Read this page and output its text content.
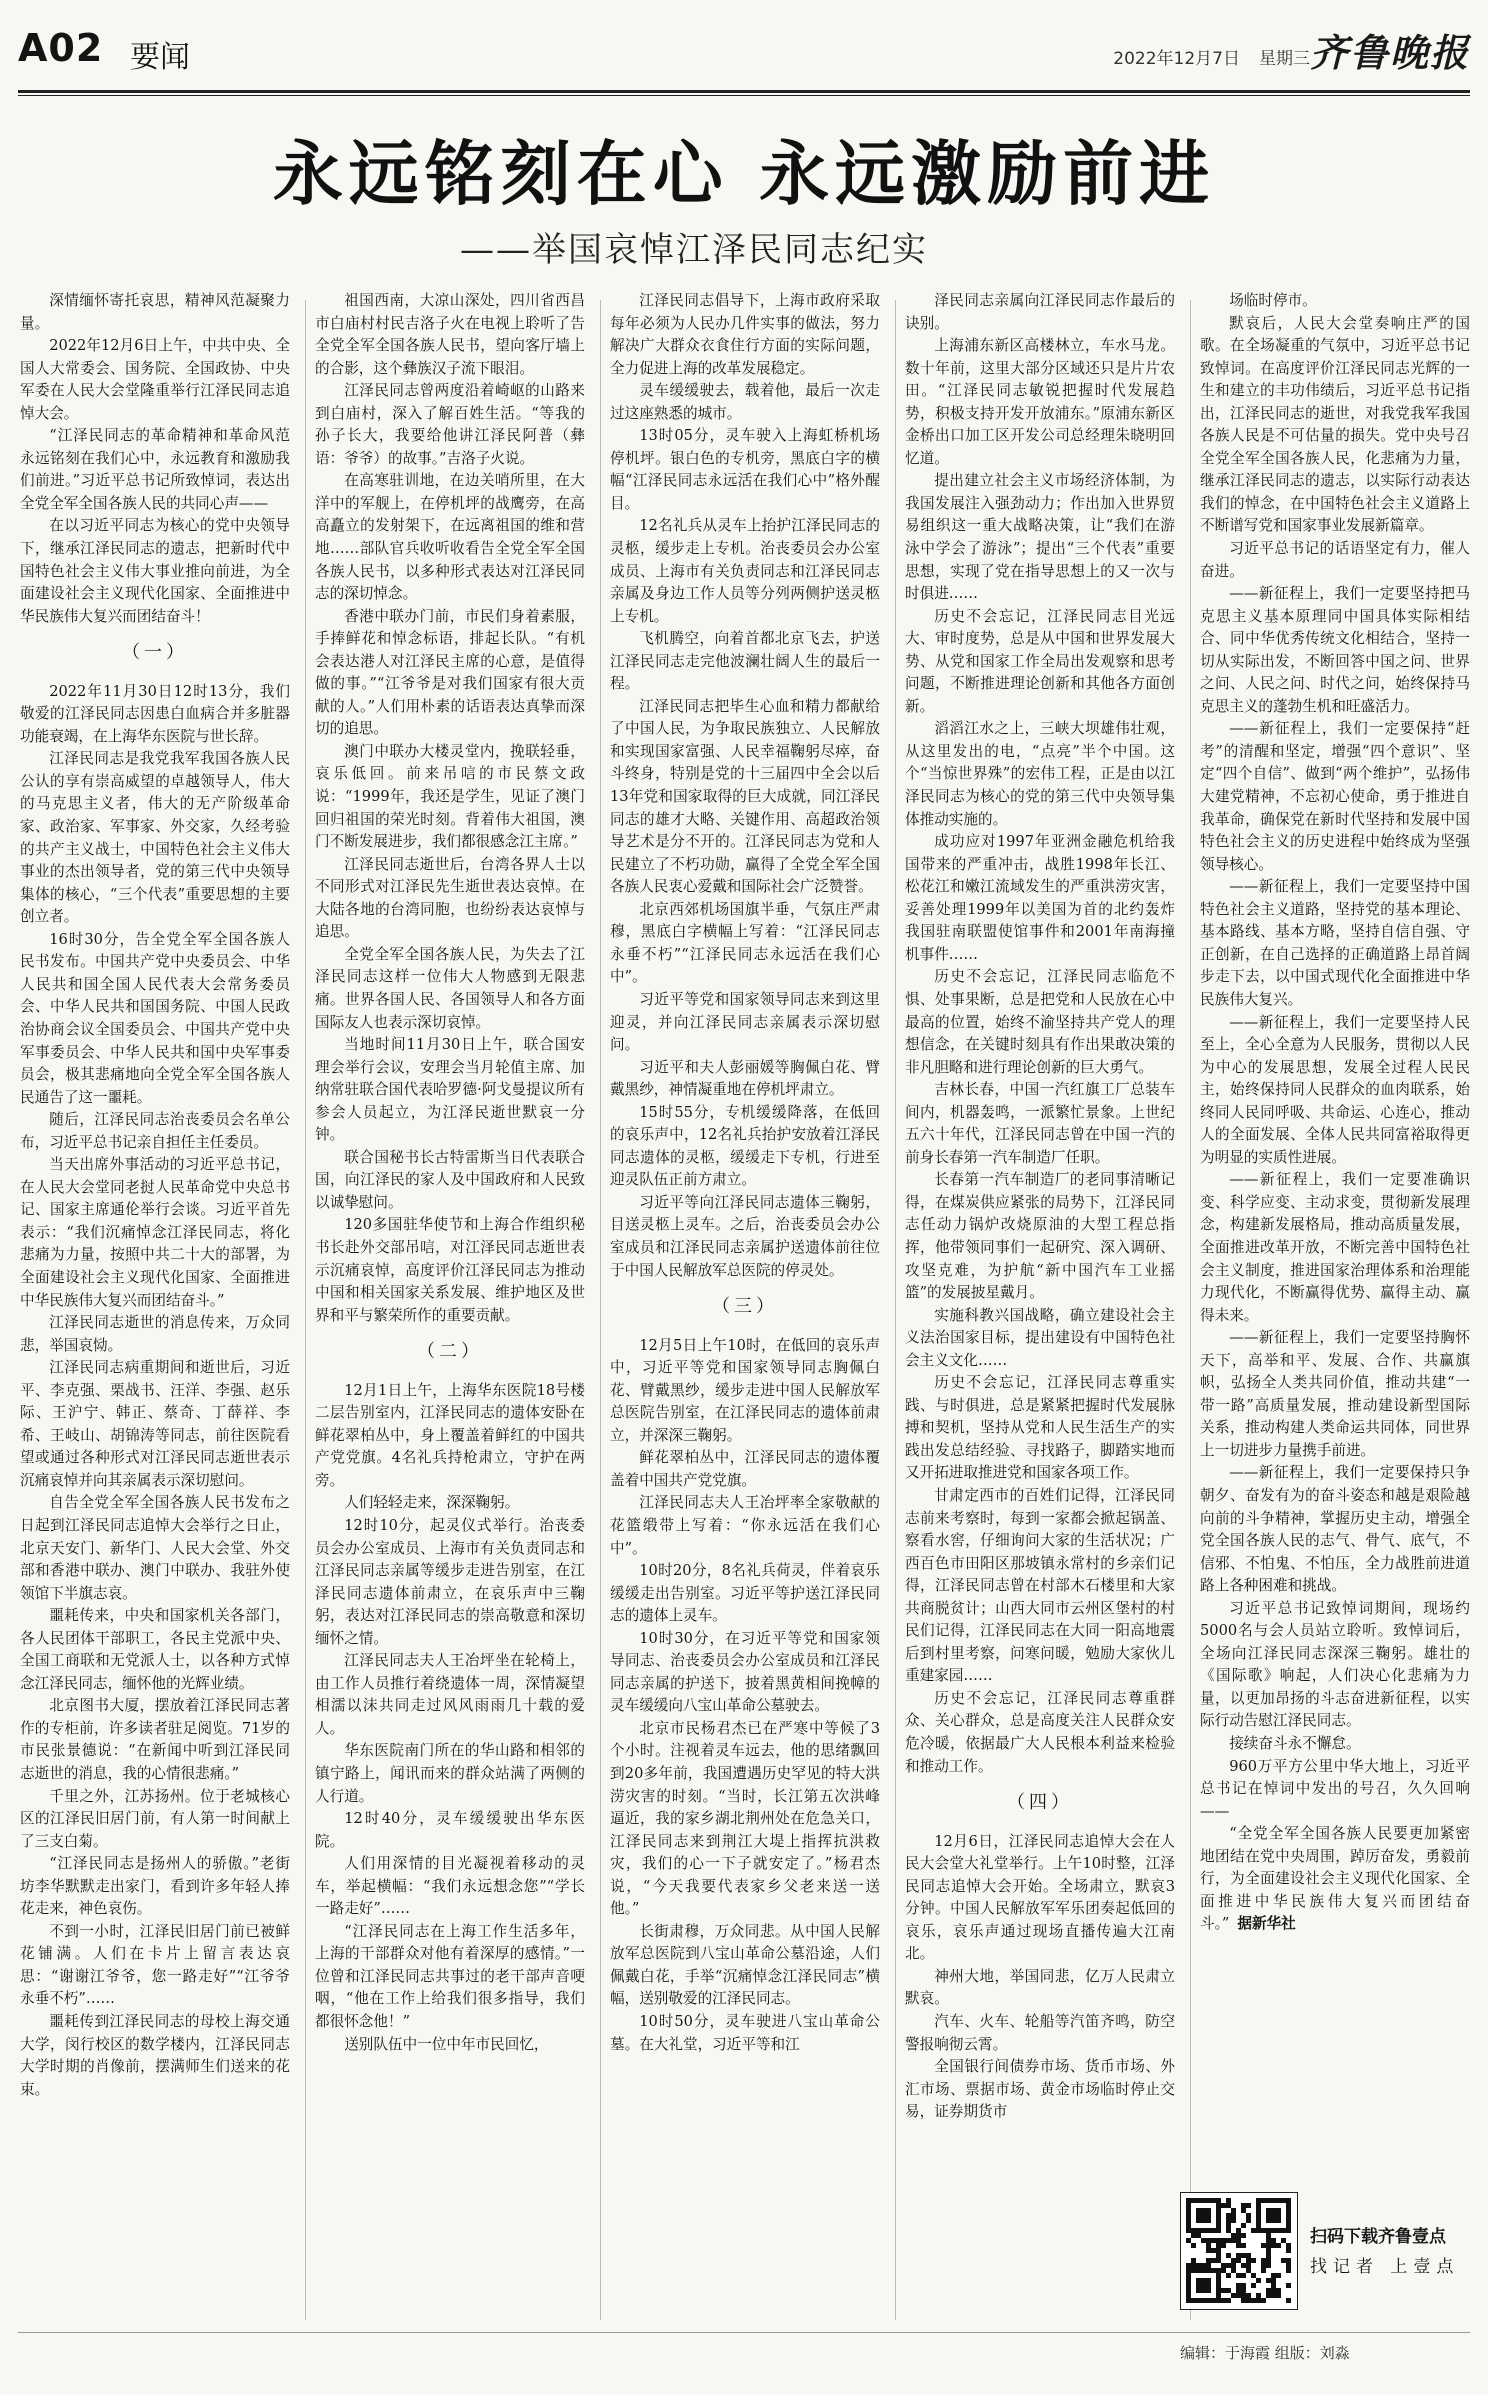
A02 要闻	2022年12月7日 星期三 齐鲁晚报
永远铭刻在心 永远激励前进
——举国哀悼江泽民同志纪实

深情缅怀寄托哀思，精神风范凝聚力量。

2022年12月6日上午，中共中央、全国人大常委会、国务院、全国政协、中央军委在人民大会堂隆重举行江泽民同志追悼大会。

“江泽民同志的革命精神和革命风范永远铭刻在我们心中，永远教育和激励我们前进。”习近平总书记所致悼词，表达出全党全军全国各族人民的共同心声——

在以习近平同志为核心的党中央领导下，继承江泽民同志的遗志，把新时代中国特色社会主义伟大事业推向前进，为全面建设社会主义现代化国家、全面推进中华民族伟大复兴而团结奋斗！

（一）

2022年11月30日12时13分，我们敬爱的江泽民同志因患白血病合并多脏器功能衰竭，在上海华东医院与世长辞。

江泽民同志是我党我军我国各族人民公认的享有崇高威望的卓越领导人，伟大的马克思主义者，伟大的无产阶级革命家、政治家、军事家、外交家，久经考验的共产主义战士，中国特色社会主义伟大事业的杰出领导者，党的第三代中央领导集体的核心，“三个代表”重要思想的主要创立者。

16时30分，告全党全军全国各族人民书发布。中国共产党中央委员会、中华人民共和国全国人民代表大会常务委员会、中华人民共和国国务院、中国人民政治协商会议全国委员会、中国共产党中央军事委员会、中华人民共和国中央军事委员会，极其悲痛地向全党全军全国各族人民通告了这一噩耗。

随后，江泽民同志治丧委员会名单公布，习近平总书记亲自担任主任委员。

当天出席外事活动的习近平总书记，在人民大会堂同老挝人民革命党中央总书记、国家主席通伦举行会谈。习近平首先表示：“我们沉痛悼念江泽民同志，将化悲痛为力量，按照中共二十大的部署，为全面建设社会主义现代化国家、全面推进中华民族伟大复兴而团结奋斗。”

江泽民同志逝世的消息传来，万众同悲，举国哀恸。

江泽民同志病重期间和逝世后，习近平、李克强、栗战书、汪洋、李强、赵乐际、王沪宁、韩正、蔡奇、丁薛祥、李希、王岐山、胡锦涛等同志，前往医院看望或通过各种形式对江泽民同志逝世表示沉痛哀悼并向其亲属表示深切慰问。

自告全党全军全国各族人民书发布之日起到江泽民同志追悼大会举行之日止，北京天安门、新华门、人民大会堂、外交部和香港中联办、澳门中联办、我驻外使领馆下半旗志哀。

噩耗传来，中央和国家机关各部门，各人民团体干部职工，各民主党派中央、全国工商联和无党派人士，以各种方式悼念江泽民同志，缅怀他的光辉业绩。

北京图书大厦，摆放着江泽民同志著作的专柜前，许多读者驻足阅览。71岁的市民张景德说：“在新闻中听到江泽民同志逝世的消息，我的心情很悲痛。”

千里之外，江苏扬州。位于老城核心区的江泽民旧居门前，有人第一时间献上了三支白菊。

“江泽民同志是扬州人的骄傲。”老街坊李华默默走出家门，看到许多年轻人捧花走来，神色哀伤。

不到一小时，江泽民旧居门前已被鲜花铺满。人们在卡片上留言表达哀思：“谢谢江爷爷，您一路走好”“江爷爷永垂不朽”……

噩耗传到江泽民同志的母校上海交通大学，闵行校区的数学楼内，江泽民同志大学时期的肖像前，摆满师生们送来的花束。

祖国西南，大凉山深处，四川省西昌市白庙村村民吉洛子火在电视上聆听了告全党全军全国各族人民书，望向客厅墙上的合影，这个彝族汉子流下眼泪。

江泽民同志曾两度沿着崎岖的山路来到白庙村，深入了解百姓生活。“等我的孙子长大，我要给他讲江泽民阿普（彝语：爷爷）的故事。”吉洛子火说。

在高寒驻训地，在边关哨所里，在大洋中的军舰上，在停机坪的战鹰旁，在高高矗立的发射架下，在远离祖国的维和营地……部队官兵收听收看告全党全军全国各族人民书，以多种形式表达对江泽民同志的深切悼念。

香港中联办门前，市民们身着素服，手捧鲜花和悼念标语，排起长队。“有机会表达港人对江泽民主席的心意，是值得做的事。”“江爷爷是对我们国家有很大贡献的人。”人们用朴素的话语表达真挚而深切的追思。

澳门中联办大楼灵堂内，挽联轻垂，哀乐低回。前来吊唁的市民蔡文政说：“1999年，我还是学生，见证了澳门回归祖国的荣光时刻。背着伟大祖国，澳门不断发展进步，我们都很感念江主席。”

江泽民同志逝世后，台湾各界人士以不同形式对江泽民先生逝世表达哀悼。在大陆各地的台湾同胞，也纷纷表达哀悼与追思。

全党全军全国各族人民，为失去了江泽民同志这样一位伟大人物感到无限悲痛。世界各国人民、各国领导人和各方面国际友人也表示深切哀悼。

当地时间11月30日上午，联合国安理会举行会议，安理会当月轮值主席、加纳常驻联合国代表哈罗德·阿戈曼提议所有参会人员起立，为江泽民逝世默哀一分钟。

联合国秘书长古特雷斯当日代表联合国，向江泽民的家人及中国政府和人民致以诚挚慰问。

120多国驻华使节和上海合作组织秘书长赴外交部吊唁，对江泽民同志逝世表示沉痛哀悼，高度评价江泽民同志为推动中国和相关国家关系发展、维护地区及世界和平与繁荣所作的重要贡献。

（二）

12月1日上午，上海华东医院18号楼二层告别室内，江泽民同志的遗体安卧在鲜花翠柏丛中，身上覆盖着鲜红的中国共产党党旗。4名礼兵持枪肃立，守护在两旁。

人们轻轻走来，深深鞠躬。

12时10分，起灵仪式举行。治丧委员会办公室成员、上海市有关负责同志和江泽民同志亲属等缓步走进告别室，在江泽民同志遗体前肃立，在哀乐声中三鞠躬，表达对江泽民同志的崇高敬意和深切缅怀之情。

江泽民同志夫人王冶坪坐在轮椅上，由工作人员推行着绕遗体一周，深情凝望相濡以沫共同走过风风雨雨几十载的爱人。

华东医院南门所在的华山路和相邻的镇宁路上，闻讯而来的群众站满了两侧的人行道。

12时40分，灵车缓缓驶出华东医院。

人们用深情的目光凝视着移动的灵车，举起横幅：“我们永远想念您”“学长一路走好”……

“江泽民同志在上海工作生活多年，上海的干部群众对他有着深厚的感情。”一位曾和江泽民同志共事过的老干部声音哽咽，“他在工作上给我们很多指导，我们都很怀念他！”

送别队伍中一位中年市民回忆，

江泽民同志倡导下，上海市政府采取每年必须为人民办几件实事的做法，努力解决广大群众衣食住行方面的实际问题，全力促进上海的改革发展稳定。

灵车缓缓驶去，载着他，最后一次走过这座熟悉的城市。

13时05分，灵车驶入上海虹桥机场停机坪。银白色的专机旁，黑底白字的横幅“江泽民同志永远活在我们心中”格外醒目。

12名礼兵从灵车上抬护江泽民同志的灵柩，缓步走上专机。治丧委员会办公室成员、上海市有关负责同志和江泽民同志亲属及身边工作人员等分列两侧护送灵柩上专机。

飞机腾空，向着首都北京飞去，护送江泽民同志走完他波澜壮阔人生的最后一程。

江泽民同志把毕生心血和精力都献给了中国人民，为争取民族独立、人民解放和实现国家富强、人民幸福鞠躬尽瘁，奋斗终身，特别是党的十三届四中全会以后13年党和国家取得的巨大成就，同江泽民同志的雄才大略、关键作用、高超政治领导艺术是分不开的。江泽民同志为党和人民建立了不朽功勋，赢得了全党全军全国各族人民衷心爱戴和国际社会广泛赞誉。

北京西郊机场国旗半垂，气氛庄严肃穆，黑底白字横幅上写着：“江泽民同志永垂不朽”“江泽民同志永远活在我们心中”。

习近平等党和国家领导同志来到这里迎灵，并向江泽民同志亲属表示深切慰问。

习近平和夫人彭丽媛等胸佩白花、臂戴黑纱，神情凝重地在停机坪肃立。

15时55分，专机缓缓降落，在低回的哀乐声中，12名礼兵抬护安放着江泽民同志遗体的灵柩，缓缓走下专机，行进至迎灵队伍正前方肃立。

习近平等向江泽民同志遗体三鞠躬，目送灵柩上灵车。之后，治丧委员会办公室成员和江泽民同志亲属护送遗体前往位于中国人民解放军总医院的停灵处。

（三）

12月5日上午10时，在低回的哀乐声中，习近平等党和国家领导同志胸佩白花、臂戴黑纱，缓步走进中国人民解放军总医院告别室，在江泽民同志的遗体前肃立，并深深三鞠躬。

鲜花翠柏丛中，江泽民同志的遗体覆盖着中国共产党党旗。

江泽民同志夫人王冶坪率全家敬献的花篮缎带上写着：“你永远活在我们心中”。

10时20分，8名礼兵荷灵，伴着哀乐缓缓走出告别室。习近平等护送江泽民同志的遗体上灵车。

10时30分，在习近平等党和国家领导同志、治丧委员会办公室成员和江泽民同志亲属的护送下，披着黑黄相间挽幛的灵车缓缓向八宝山革命公墓驶去。

北京市民杨君杰已在严寒中等候了3个小时。注视着灵车远去，他的思绪飘回到20多年前，我国遭遇历史罕见的特大洪涝灾害的时刻。“当时，长江第五次洪峰逼近，我的家乡湖北荆州处在危急关口，江泽民同志来到荆江大堤上指挥抗洪救灾，我们的心一下子就安定了。”杨君杰说，“今天我要代表家乡父老来送一送他。”

长街肃穆，万众同悲。从中国人民解放军总医院到八宝山革命公墓沿途，人们佩戴白花，手举“沉痛悼念江泽民同志”横幅，送别敬爱的江泽民同志。

10时50分，灵车驶进八宝山革命公墓。在大礼堂，习近平等和江

泽民同志亲属向江泽民同志作最后的诀别。

上海浦东新区高楼林立，车水马龙。数十年前，这里大部分区域还只是片片农田。“江泽民同志敏锐把握时代发展趋势，积极支持开发开放浦东。”原浦东新区金桥出口加工区开发公司总经理朱晓明回忆道。

提出建立社会主义市场经济体制，为我国发展注入强劲动力；作出加入世界贸易组织这一重大战略决策，让“我们在游泳中学会了游泳”；提出“三个代表”重要思想，实现了党在指导思想上的又一次与时俱进……

历史不会忘记，江泽民同志目光远大、审时度势，总是从中国和世界发展大势、从党和国家工作全局出发观察和思考问题，不断推进理论创新和其他各方面创新。

滔滔江水之上，三峡大坝雄伟壮观，从这里发出的电，“点亮”半个中国。这个“当惊世界殊”的宏伟工程，正是由以江泽民同志为核心的党的第三代中央领导集体推动实施的。

成功应对1997年亚洲金融危机给我国带来的严重冲击，战胜1998年长江、松花江和嫩江流域发生的严重洪涝灾害，妥善处理1999年以美国为首的北约轰炸我国驻南联盟使馆事件和2001年南海撞机事件……

历史不会忘记，江泽民同志临危不惧、处事果断，总是把党和人民放在心中最高的位置，始终不渝坚持共产党人的理想信念，在关键时刻具有作出果敢决策的非凡胆略和进行理论创新的巨大勇气。

吉林长春，中国一汽红旗工厂总装车间内，机器轰鸣，一派繁忙景象。上世纪五六十年代，江泽民同志曾在中国一汽的前身长春第一汽车制造厂任职。

长春第一汽车制造厂的老同事清晰记得，在煤炭供应紧张的局势下，江泽民同志任动力锅炉改烧原油的大型工程总指挥，他带领同事们一起研究、深入调研、攻坚克难，为护航“新中国汽车工业摇篮”的发展披星戴月。

实施科教兴国战略，确立建设社会主义法治国家目标，提出建设有中国特色社会主义文化……

历史不会忘记，江泽民同志尊重实践、与时俱进，总是紧紧把握时代发展脉搏和契机，坚持从党和人民生活生产的实践出发总结经验、寻找路子，脚踏实地而又开拓进取推进党和国家各项工作。

甘肃定西市的百姓们记得，江泽民同志前来考察时，每到一家都会掀起锅盖、察看水窖，仔细询问大家的生活状况；广西百色市田阳区那坡镇永常村的乡亲们记得，江泽民同志曾在村部木石楼里和大家共商脱贫计；山西大同市云州区堡村的村民们记得，江泽民同志在大同一阳高地震后到村里考察，问寒问暖，勉励大家伙儿重建家园……

历史不会忘记，江泽民同志尊重群众、关心群众，总是高度关注人民群众安危冷暖，依据最广大人民根本利益来检验和推动工作。

（四）

12月6日，江泽民同志追悼大会在人民大会堂大礼堂举行。上午10时整，江泽民同志追悼大会开始。全场肃立，默哀3分钟。中国人民解放军军乐团奏起低回的哀乐，哀乐声通过现场直播传遍大江南北。

神州大地，举国同悲，亿万人民肃立默哀。

汽车、火车、轮船等汽笛齐鸣，防空警报响彻云霄。

全国银行间债券市场、货币市场、外汇市场、票据市场、黄金市场临时停止交易，证券期货市

场临时停市。

默哀后，人民大会堂奏响庄严的国歌。在全场凝重的气氛中，习近平总书记致悼词。在高度评价江泽民同志光辉的一生和建立的丰功伟绩后，习近平总书记指出，江泽民同志的逝世，对我党我军我国各族人民是不可估量的损失。党中央号召全党全军全国各族人民，化悲痛为力量，继承江泽民同志的遗志，以实际行动表达我们的悼念，在中国特色社会主义道路上不断谱写党和国家事业发展新篇章。

习近平总书记的话语坚定有力，催人奋进。

——新征程上，我们一定要坚持把马克思主义基本原理同中国具体实际相结合、同中华优秀传统文化相结合，坚持一切从实际出发，不断回答中国之问、世界之问、人民之问、时代之问，始终保持马克思主义的蓬勃生机和旺盛活力。

——新征程上，我们一定要保持“赶考”的清醒和坚定，增强“四个意识”、坚定“四个自信”、做到“两个维护”，弘扬伟大建党精神，不忘初心使命，勇于推进自我革命，确保党在新时代坚持和发展中国特色社会主义的历史进程中始终成为坚强领导核心。

——新征程上，我们一定要坚持中国特色社会主义道路，坚持党的基本理论、基本路线、基本方略，坚持自信自强、守正创新，在自己选择的正确道路上昂首阔步走下去，以中国式现代化全面推进中华民族伟大复兴。

——新征程上，我们一定要坚持人民至上，全心全意为人民服务，贯彻以人民为中心的发展思想，发展全过程人民民主，始终保持同人民群众的血肉联系，始终同人民同呼吸、共命运、心连心，推动人的全面发展、全体人民共同富裕取得更为明显的实质性进展。

——新征程上，我们一定要准确识变、科学应变、主动求变，贯彻新发展理念，构建新发展格局，推动高质量发展，全面推进改革开放，不断完善中国特色社会主义制度，推进国家治理体系和治理能力现代化，不断赢得优势、赢得主动、赢得未来。

——新征程上，我们一定要坚持胸怀天下，高举和平、发展、合作、共赢旗帜，弘扬全人类共同价值，推动共建“一带一路”高质量发展，推动建设新型国际关系，推动构建人类命运共同体，同世界上一切进步力量携手前进。

——新征程上，我们一定要保持只争朝夕、奋发有为的奋斗姿态和越是艰险越向前的斗争精神，掌握历史主动，增强全党全国各族人民的志气、骨气、底气，不信邪、不怕鬼、不怕压，全力战胜前进道路上各种困难和挑战。

习近平总书记致悼词期间，现场约5000名与会人员站立聆听。致悼词后，全场向江泽民同志深深三鞠躬。雄壮的《国际歌》响起，人们决心化悲痛为力量，以更加昂扬的斗志奋进新征程，以实际行动告慰江泽民同志。

接续奋斗永不懈怠。

960万平方公里中华大地上，习近平总书记在悼词中发出的号召，久久回响——

“全党全军全国各族人民要更加紧密地团结在党中央周围，踔厉奋发，勇毅前行，为全面建设社会主义现代化国家、全面推进中华民族伟大复兴而团结奋斗。” 据新华社

扫码下载齐鲁壹点
找记者 上壹点
编辑：于海霞 组版：刘淼
